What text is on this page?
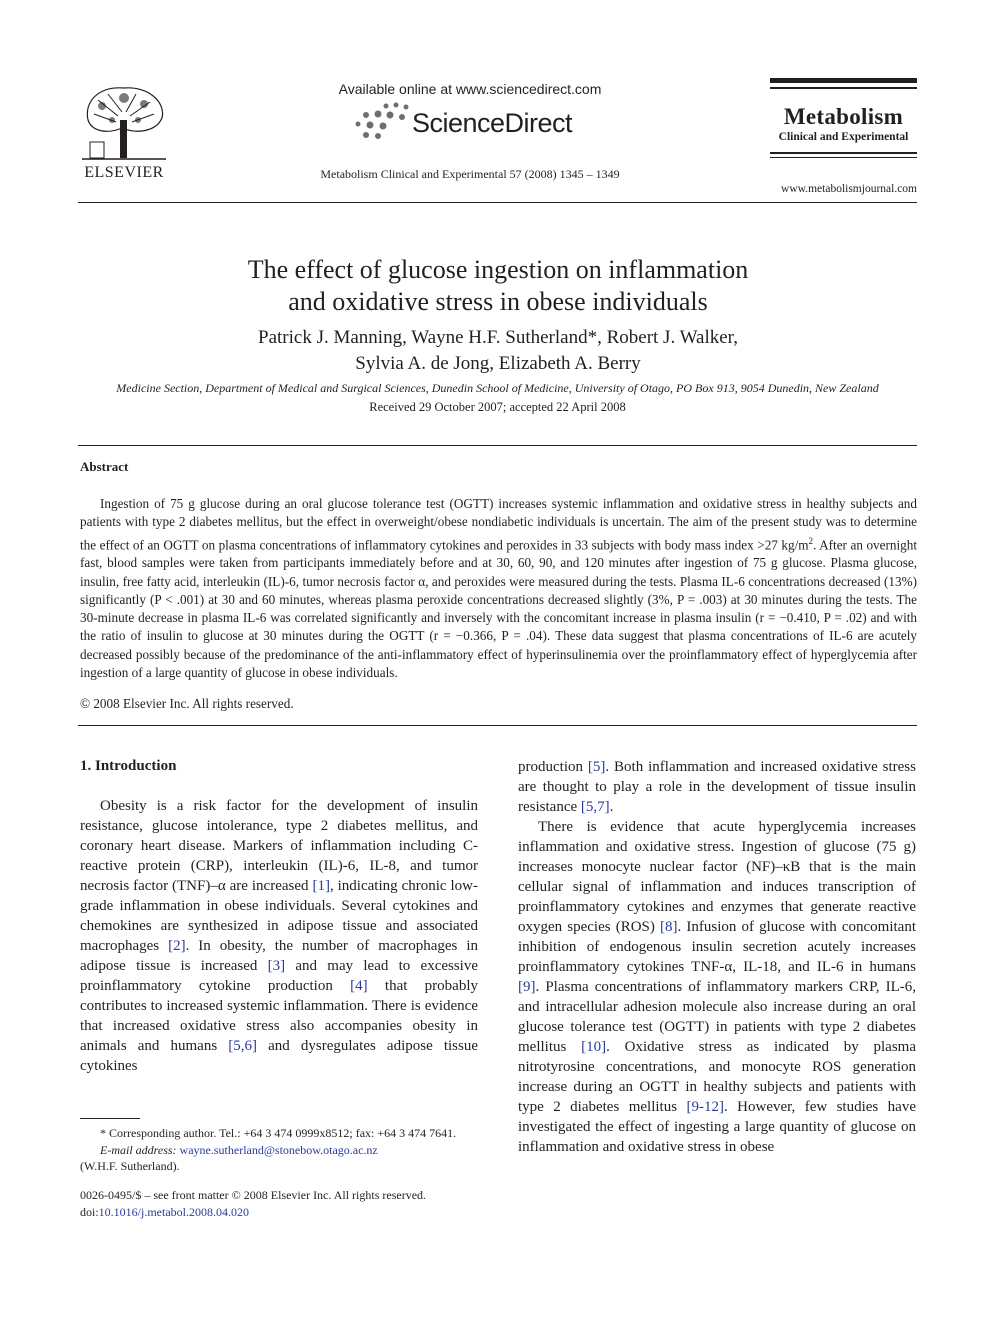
ELSEVIER
Available online at www.sciencedirect.com
ScienceDirect
Metabolism Clinical and Experimental 57 (2008) 1345 – 1349
Metabolism
Clinical and Experimental
www.metabolismjournal.com
The effect of glucose ingestion on inflammation
and oxidative stress in obese individuals
Patrick J. Manning, Wayne H.F. Sutherland*, Robert J. Walker,
Sylvia A. de Jong, Elizabeth A. Berry
Medicine Section, Department of Medical and Surgical Sciences, Dunedin School of Medicine, University of Otago, PO Box 913, 9054 Dunedin, New Zealand
Received 29 October 2007; accepted 22 April 2008
Abstract

Ingestion of 75 g glucose during an oral glucose tolerance test (OGTT) increases systemic inflammation and oxidative stress in healthy subjects and patients with type 2 diabetes mellitus, but the effect in overweight/obese nondiabetic individuals is uncertain. The aim of the present study was to determine the effect of an OGTT on plasma concentrations of inflammatory cytokines and peroxides in 33 subjects with body mass index >27 $kg/m^2$. After an overnight fast, blood samples were taken from participants immediately before and at 30, 60, 90, and 120 minutes after ingestion of 75 g glucose. Plasma glucose, insulin, free fatty acid, interleukin (IL)-6, tumor necrosis factor α, and peroxides were measured during the tests. Plasma IL-6 concentrations decreased (13%) significantly (P < .001) at 30 and 60 minutes, whereas plasma peroxide concentrations decreased slightly (3%, P = .003) at 30 minutes during the tests. The 30-minute decrease in plasma IL-6 was correlated significantly and inversely with the concomitant increase in plasma insulin (r = −0.410, P = .02) and with the ratio of insulin to glucose at 30 minutes during the OGTT (r = −0.366, P = .04). These data suggest that plasma concentrations of IL-6 are acutely decreased possibly because of the predominance of the anti-inflammatory effect of hyperinsulinemia over the proinflammatory effect of hyperglycemia after ingestion of a large quantity of glucose in obese individuals.

© 2008 Elsevier Inc. All rights reserved.
1. Introduction

Obesity is a risk factor for the development of insulin resistance, glucose intolerance, type 2 diabetes mellitus, and coronary heart disease. Markers of inflammation including C-reactive protein (CRP), interleukin (IL)-6, IL-8, and tumor necrosis factor (TNF)–α are increased [1], indicating chronic low-grade inflammation in obese individuals. Several cytokines and chemokines are synthesized in adipose tissue and associated macrophages [2]. In obesity, the number of macrophages in adipose tissue is increased [3] and may lead to excessive proinflammatory cytokine production [4] that probably contributes to increased systemic inflammation. There is evidence that increased oxidative stress also accompanies obesity in animals and humans [5,6] and dysregulates adipose tissue cytokines

production [5]. Both inflammation and increased oxidative stress are thought to play a role in the development of tissue insulin resistance [5,7].

There is evidence that acute hyperglycemia increases inflammation and oxidative stress. Ingestion of glucose (75 g) increases monocyte nuclear factor (NF)–κB that is the main cellular signal of inflammation and induces transcription of proinflammatory cytokines and enzymes that generate reactive oxygen species (ROS) [8]. Infusion of glucose with concomitant inhibition of endogenous insulin secretion acutely increases proinflammatory cytokines TNF-α, IL-18, and IL-6 in humans [9]. Plasma concentrations of inflammatory markers CRP, IL-6, and intracellular adhesion molecule also increase during an oral glucose tolerance test (OGTT) in patients with type 2 diabetes mellitus [10]. Oxidative stress as indicated by plasma nitrotyrosine concentrations, and monocyte ROS generation increase during an OGTT in healthy subjects and patients with type 2 diabetes mellitus [9-12]. However, few studies have investigated the effect of ingesting a large quantity of glucose on inflammation and oxidative stress in obese

* Corresponding author. Tel.: +64 3 474 0999x8512; fax: +64 3 474 7641.
E-mail address: wayne.sutherland@stonebow.otago.ac.nz
(W.H.F. Sutherland).
0026-0495/$ – see front matter © 2008 Elsevier Inc. All rights reserved.
doi:10.1016/j.metabol.2008.04.020
